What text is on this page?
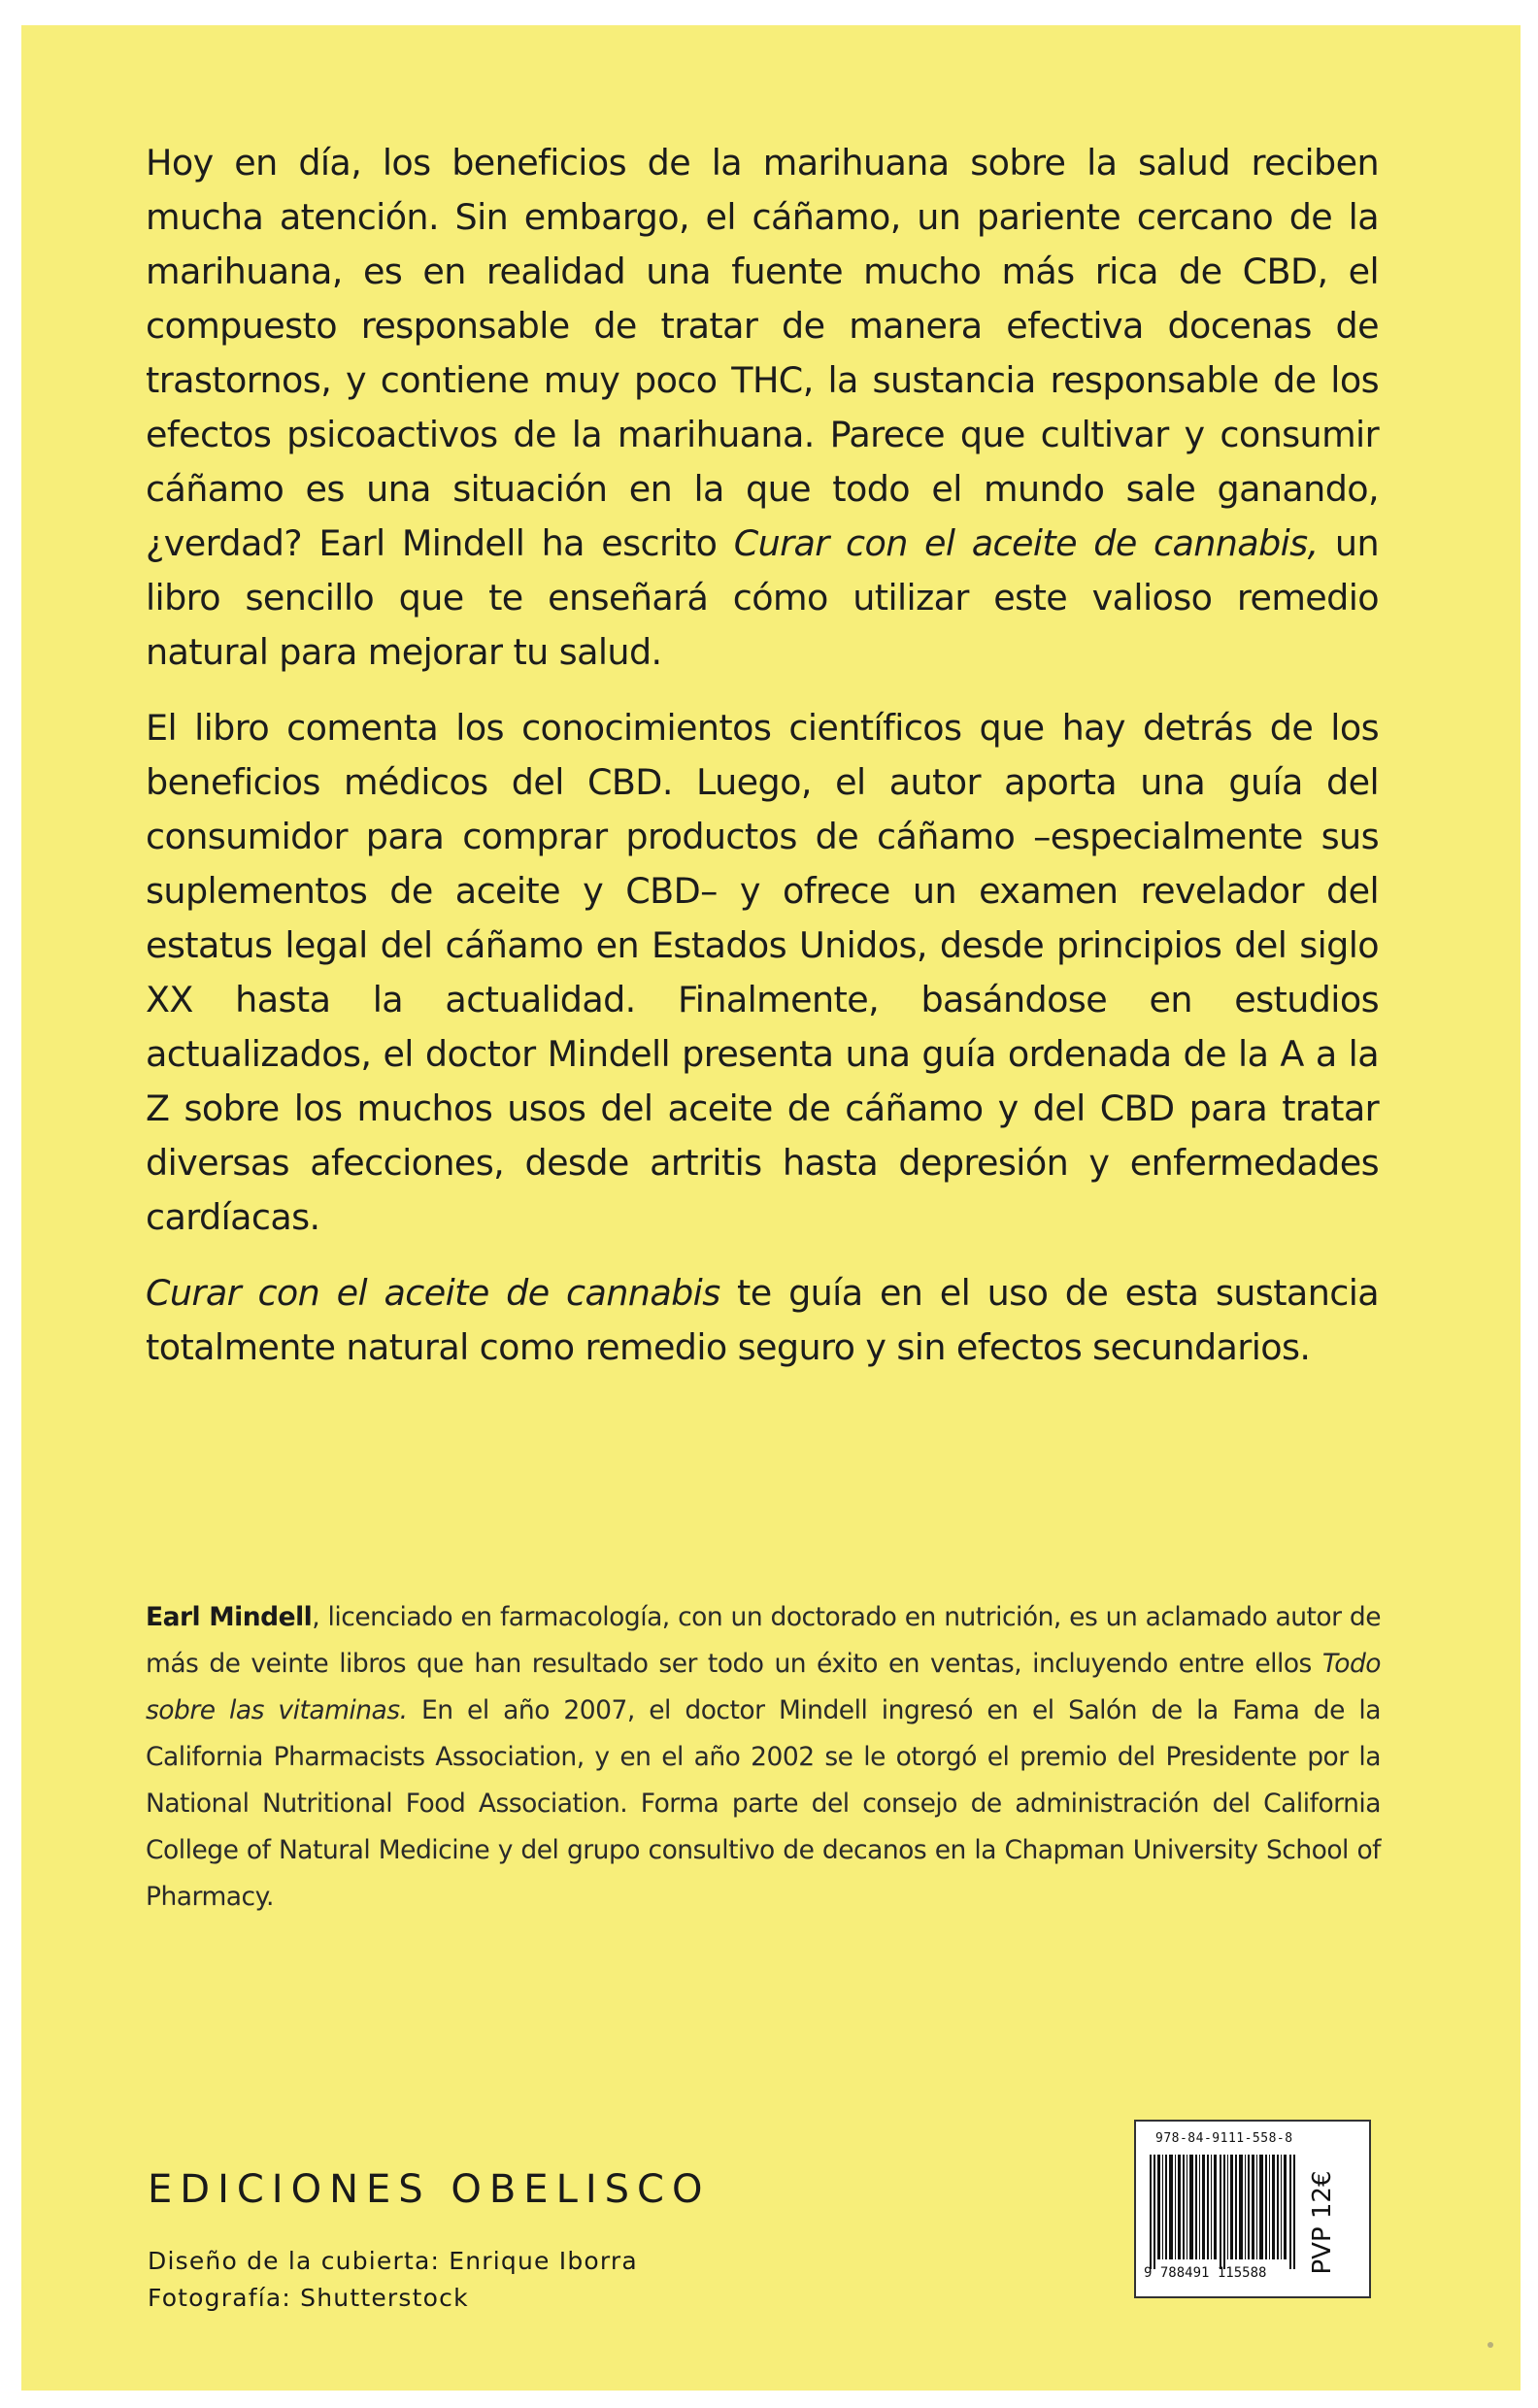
Hoy en día, los beneficios de la marihuana sobre la salud reciben mucha atención. Sin embargo, el cáñamo, un pariente cercano de la marihuana, es en realidad una fuente mucho más rica de CBD, el compuesto responsable de tratar de manera efectiva docenas de trastornos, y contiene muy poco THC, la sustancia responsable de los efectos psicoactivos de la marihuana. Parece que cultivar y consumir cáñamo es una situación en la que todo el mundo sale ganando, ¿verdad? Earl Mindell ha escrito Curar con el aceite de cannabis, un libro sencillo que te enseñará cómo utilizar este valioso remedio natural para mejorar tu salud.

El libro comenta los conocimientos científicos que hay detrás de los beneficios médicos del CBD. Luego, el autor aporta una guía del consumidor para comprar productos de cáñamo –especialmente sus suplementos de aceite y CBD– y ofrece un examen revelador del estatus legal del cáñamo en Estados Unidos, desde principios del siglo XX hasta la actualidad. Finalmente, basándose en estudios actualizados, el doctor Mindell presenta una guía ordenada de la A a la Z sobre los muchos usos del aceite de cáñamo y del CBD para tratar diversas afecciones, desde artritis hasta depresión y enfermedades cardíacas.

Curar con el aceite de cannabis te guía en el uso de esta sustancia totalmente natural como remedio seguro y sin efectos secundarios.

Earl Mindell, licenciado en farmacología, con un doctorado en nutrición, es un aclamado autor de más de veinte libros que han resultado ser todo un éxito en ventas, incluyendo entre ellos Todo sobre las vitaminas. En el año 2007, el doctor Mindell ingresó en el Salón de la Fama de la California Pharmacists Association, y en el año 2002 se le otorgó el premio del Presidente por la National Nutritional Food Association. Forma parte del consejo de administración del California College of Natural Medicine y del grupo consultivo de decanos en la Chapman University School of Pharmacy.
EDICIONES OBELISCO
Diseño de la cubierta: Enrique Iborra
Fotografía: Shutterstock
978-84-9111-558-8
9 788491 115588 PVP 12€
